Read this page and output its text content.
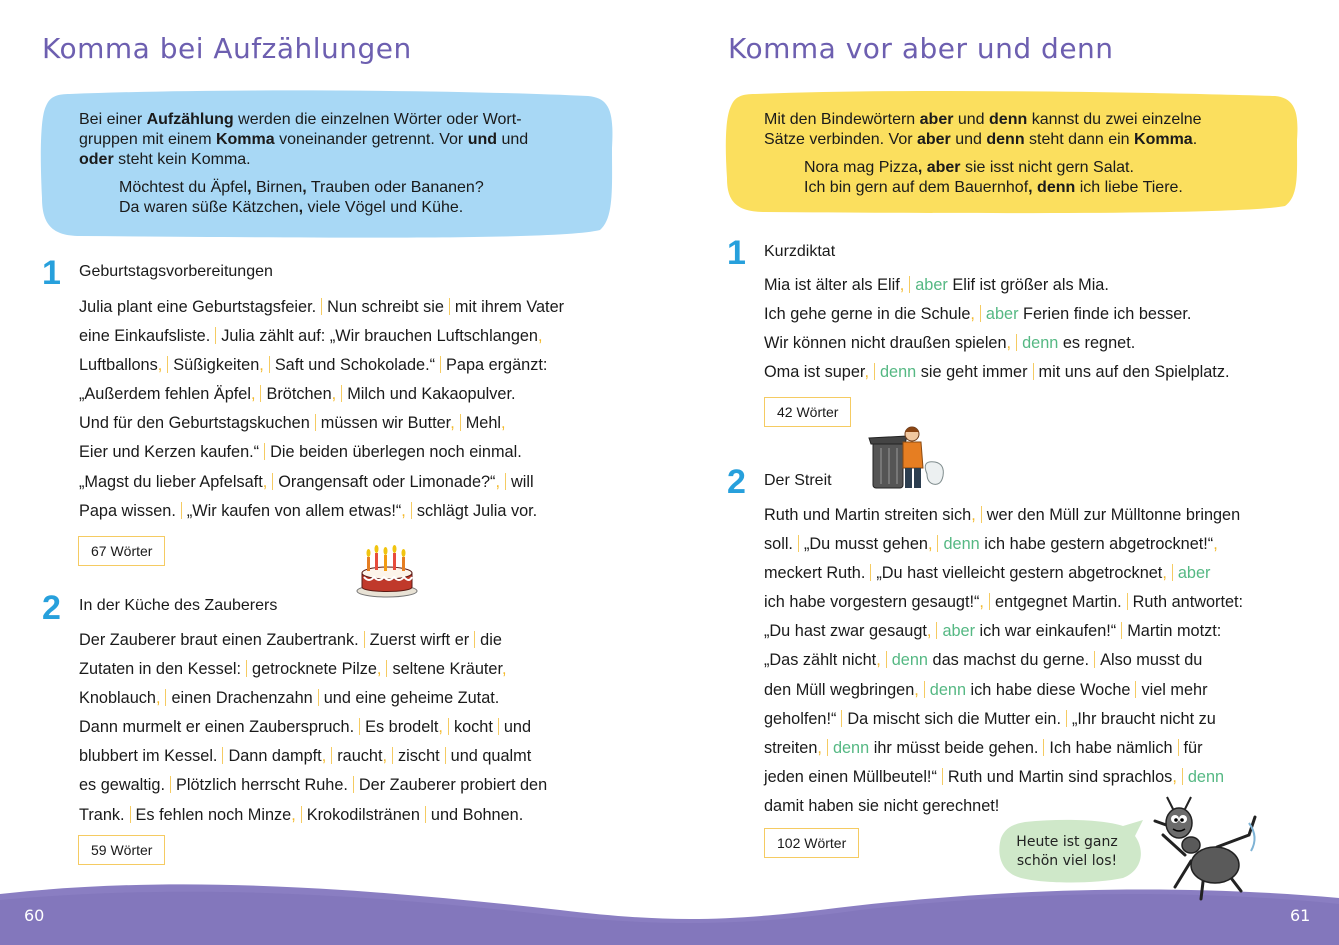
Komma bei Aufzählungen
Bei einer Aufzählung werden die einzelnen Wörter oder Wort-
gruppen mit einem Komma voneinander getrennt. Vor und und
oder steht kein Komma.
Möchtest du Äpfel, Birnen, Trauben oder Bananen?
Da waren süße Kätzchen, viele Vögel und Kühe.
1 Geburtstagsvorbereitungen
Julia plant eine Geburtstagsfeier. Nun schreibt sie mit ihrem Vater
eine Einkaufsliste. Julia zählt auf: „Wir brauchen Luftschlangen,
Luftballons, Süßigkeiten, Saft und Schokolade.“ Papa ergänzt:
„Außerdem fehlen Äpfel, Brötchen, Milch und Kakaopulver.
Und für den Geburtstagskuchen müssen wir Butter, Mehl,
Eier und Kerzen kaufen.“ Die beiden überlegen noch einmal.
„Magst du lieber Apfelsaft, Orangensaft oder Limonade?“, will
Papa wissen. „Wir kaufen von allem etwas!“, schlägt Julia vor.
67 Wörter
2 In der Küche des Zauberers
Der Zauberer braut einen Zaubertrank. Zuerst wirft er die
Zutaten in den Kessel: getrocknete Pilze, seltene Kräuter,
Knoblauch, einen Drachenzahn und eine geheime Zutat.
Dann murmelt er einen Zauberspruch. Es brodelt, kocht und
blubbert im Kessel. Dann dampft, raucht, zischt und qualmt
es gewaltig. Plötzlich herrscht Ruhe. Der Zauberer probiert den
Trank. Es fehlen noch Minze, Krokodilstränen und Bohnen.
59 Wörter
60
Komma vor aber und denn
Mit den Bindewörtern aber und denn kannst du zwei einzelne
Sätze verbinden. Vor aber und denn steht dann ein Komma.
Nora mag Pizza, aber sie isst nicht gern Salat.
Ich bin gern auf dem Bauernhof, denn ich liebe Tiere.
1 Kurzdiktat
Mia ist älter als Elif, aber Elif ist größer als Mia.
Ich gehe gerne in die Schule, aber Ferien finde ich besser.
Wir können nicht draußen spielen, denn es regnet.
Oma ist super, denn sie geht immer mit uns auf den Spielplatz.
42 Wörter
2 Der Streit
Ruth und Martin streiten sich, wer den Müll zur Mülltonne bringen
soll. „Du musst gehen, denn ich habe gestern abgetrocknet!“,
meckert Ruth. „Du hast vielleicht gestern abgetrocknet, aber
ich habe vorgestern gesaugt!“, entgegnet Martin. Ruth antwortet:
„Du hast zwar gesaugt, aber ich war einkaufen!“ Martin motzt:
„Das zählt nicht, denn das machst du gerne. Also musst du
den Müll wegbringen, denn ich habe diese Woche viel mehr
geholfen!“ Da mischt sich die Mutter ein. „Ihr braucht nicht zu
streiten, denn ihr müsst beide gehen. Ich habe nämlich für
jeden einen Müllbeutel!“ Ruth und Martin sind sprachlos, denn
damit haben sie nicht gerechnet!
102 Wörter	Heute ist ganz
schön viel los!
61
